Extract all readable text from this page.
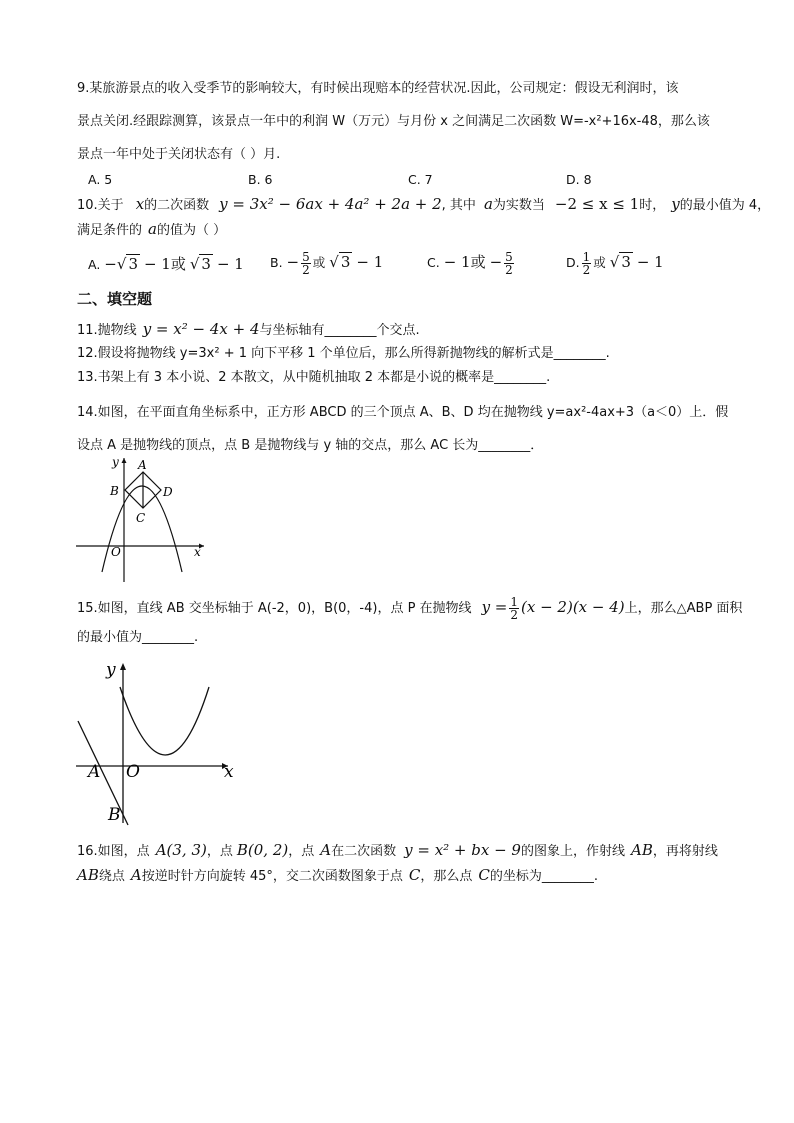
9.某旅游景点的收入受季节的影响较大，有时候出现赔本的经营状况.因此，公司规定：假设无利润时，该
景点关闭.经跟踪测算，该景点一年中的利润 W（万元）与月份 x 之间满足二次函数 W=-x²+16x-48，那么该
景点一年中处于关闭状态有（ ）月.
A. 5	B. 6	C. 7	D. 8
10.关于 x的二次函数 y = 3x² − 6ax + 4a² + 2a + 2, 其中 a为实数当 −2 ≤ x ≤ 1时， y的最小值为 4，
满足条件的 a的值为（ ）
A. −√ 3 − 1或 √ 3 − 1 B. − $\frac{5}{2}$ 或 √ 3 − 1	C. − 1或 − $\frac{5}{2}$	D. $\frac{1}{2}$ 或 √ 3 − 1
二、填空题
11.抛物线 y = x² − 4x + 4与坐标轴有________个交点.
12.假设将抛物线 y=3x² + 1 向下平移 1 个单位后，那么所得新抛物线的解析式是________.
13.书架上有 3 本小说、2 本散文，从中随机抽取 2 本都是小说的概率是________.
14.如图，在平面直角坐标系中，正方形 ABCD 的三个顶点 A、B、D 均在抛物线 y=ax²-4ax+3（a＜0）上．假
设点 A 是抛物线的顶点，点 B 是抛物线与 y 轴的交点，那么 AC 长为________．
x
y
O
A
B
C
D
15.如图，直线 AB 交坐标轴于 A(-2，0)，B(0，-4)，点 P 在抛物线 $y = \frac{1}{2} (x - 2)(x - 4)$上，那么△ABP 面积
的最小值为________.
x
y
O
A
B
16.如图，点 A(3, 3)，点 B(0, 2)，点 A在二次函数 y = x² + bx − 9的图象上，作射线 AB，再将射线
AB绕点 A按逆时针方向旋转 45°，交二次函数图象于点 C，那么点 C的坐标为________.
